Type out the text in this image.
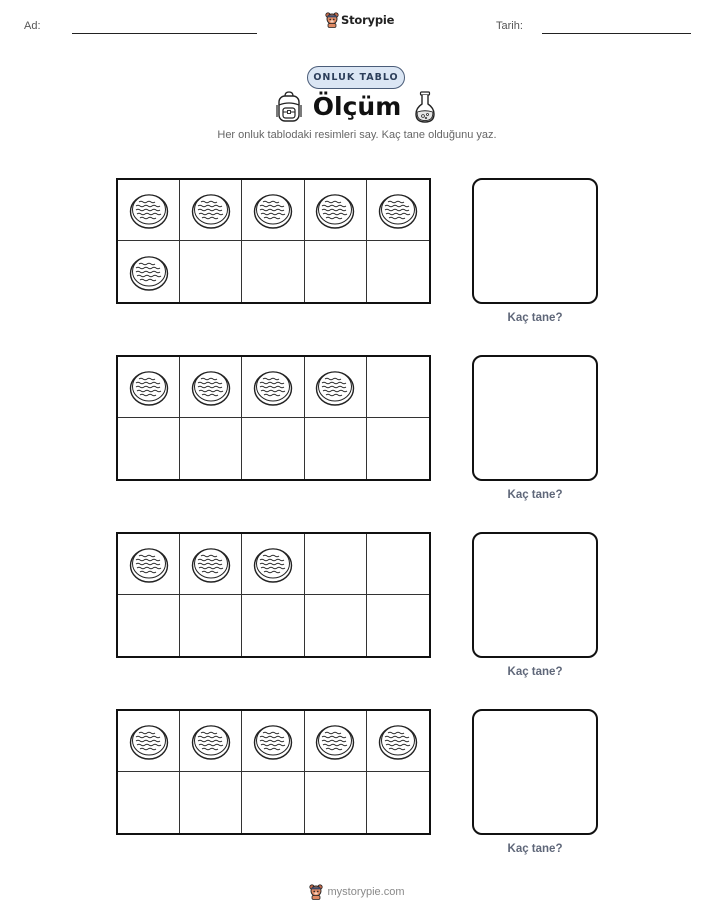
Ad:	Storypie	Tarih:
ONLUK TABLO
Ölçüm
Her onluk tablodaki resimleri say. Kaç tane olduğunu yaz.
Kaç tane?
Kaç tane?
Kaç tane?
Kaç tane?
mystorypie.com
